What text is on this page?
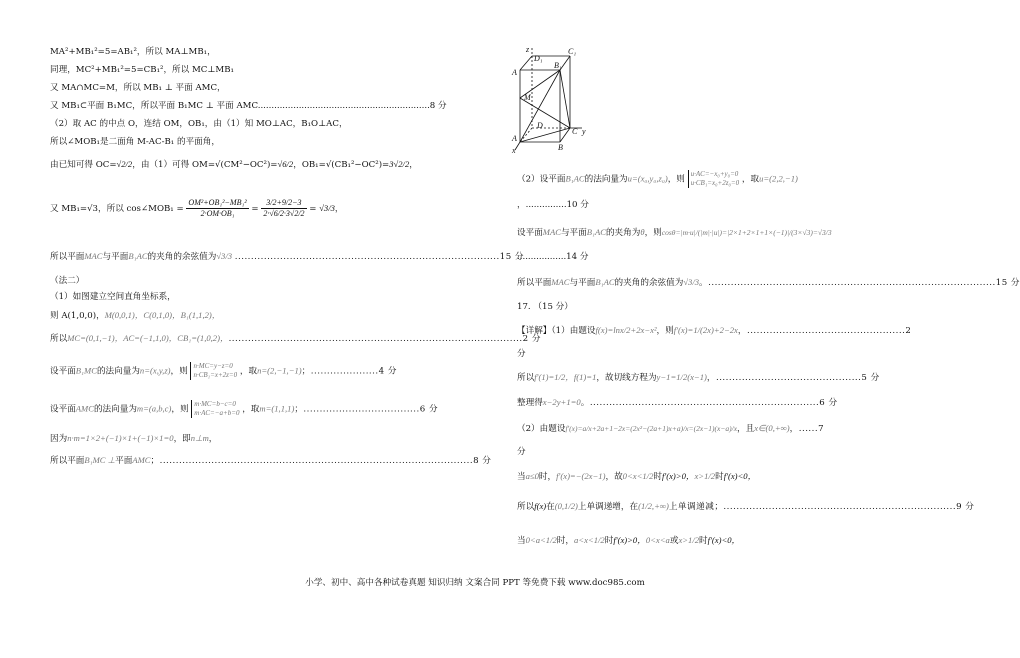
MA²+MB₁²=5=AB₁²，所以 MA⊥MB₁，
同理，MC²+MB₁²=5=CB₁²，所以 MC⊥MB₁
又 MA∩MC=M，所以 MB₁ ⊥ 平面 AMC，
又 MB₁⊂平面 B₁MC，所以平面 B₁MC ⊥ 平面 AMC...............................................................8 分
（2）取 AC 的中点 O，连结 OM，OB₁，由（1）知 MO⊥AC，B₁O⊥AC，
所以∠MOB₁是二面角 M-AC-B₁ 的平面角，
由已知可得 OC=√2/2，由（1）可得 OM=√(CM²−OC²)=√6/2，OB₁=√(CB₁²−OC²)=3√2/2，
又 MB₁=√3，所以 cos∠MOB₁ = $\frac{\text{OM²+OB₁²−MB₁²}}{\text{2·OM·OB₁}} = \frac{3/2+9/2-3}{2\cdot√6/2\cdot 3√2/2} = √3/3$，
所以平面MAC与平面B₁AC的夹角的余弦值为√3/3 ..................................................................................15 分
（法二）
（1）如图建立空间直角坐标系，
则 A(1,0,0)，M(0,0,1)，C(0,1,0)，B₁(1,1,2)，
所以MC=(0,1,−1)，AC=(−1,1,0)，CB₁=(1,0,2)，...........................................................................................2 分
设平面B₁MC的法向量为n=(x,y,z)，则
n·MC=y−z=0
n·CB₁=x+2z=0 ，取n=(2,−1,−1)；.....................4 分
设平面AMC的法向量为m=(a,b,c)，则
m·MC=b−c=0
m·AC=−a+b=0 ，取m=(1,1,1)；....................................6 分
因为n·m=1×2+(−1)×1+(−1)×1=0，即n⊥m，
所以平面B₁MC ⊥平面AMC；.................................................................................................8 分
z
D₁
C₁
A
B₁
M
D
C y
A
B
x
（2）设平面B₁AC的法向量为u=(x₀,y₀,z₀)，则
u·AC=−x₀+y₀=0
u·CB₁=x₀+2z₀=0 ，取u=(2,2,−1)
，...............10 分
设平面MAC与平面B₁AC的夹角为θ，则cosθ=|m·u|/(|m|·|u|)=|2×1+2×1+1×(−1)|/(3×√3)=√3/3
..................14 分
所以平面MAC与平面B₁AC的夹角的余弦值为√3/3。.........................................................................................15 分
17. （15 分）
【详解】（1）由题设f(x)=lnx/2+2x−x²，则f′(x)=1/(2x)+2−2x，.................................................2
分
所以f′(1)=1/2，f(1)=1，故切线方程为y−1=1/2(x−1)，.............................................5 分
整理得x−2y+1=0。.......................................................................6 分
（2）由题设f′(x)=a/x+2a+1−2x=(2x²−(2a+1)x+a)/x=(2x−1)(x−a)/x，且x∈(0,+∞)，......7
分
当a≤0时，f′(x)=−(2x−1)，故0<x<1/2时f′(x)>0，x>1/2时f′(x)<0，
所以f(x)在(0,1/2)上单调递增，在(1/2,+∞)上单调递减；........................................................................9 分
当0<a<1/2时，a<x<1/2时f′(x)>0，0<x<a或x>1/2时f′(x)<0，
小学、初中、高中各种试卷真题 知识归纳 文案合同 PPT 等免费下载 www.doc985.com
